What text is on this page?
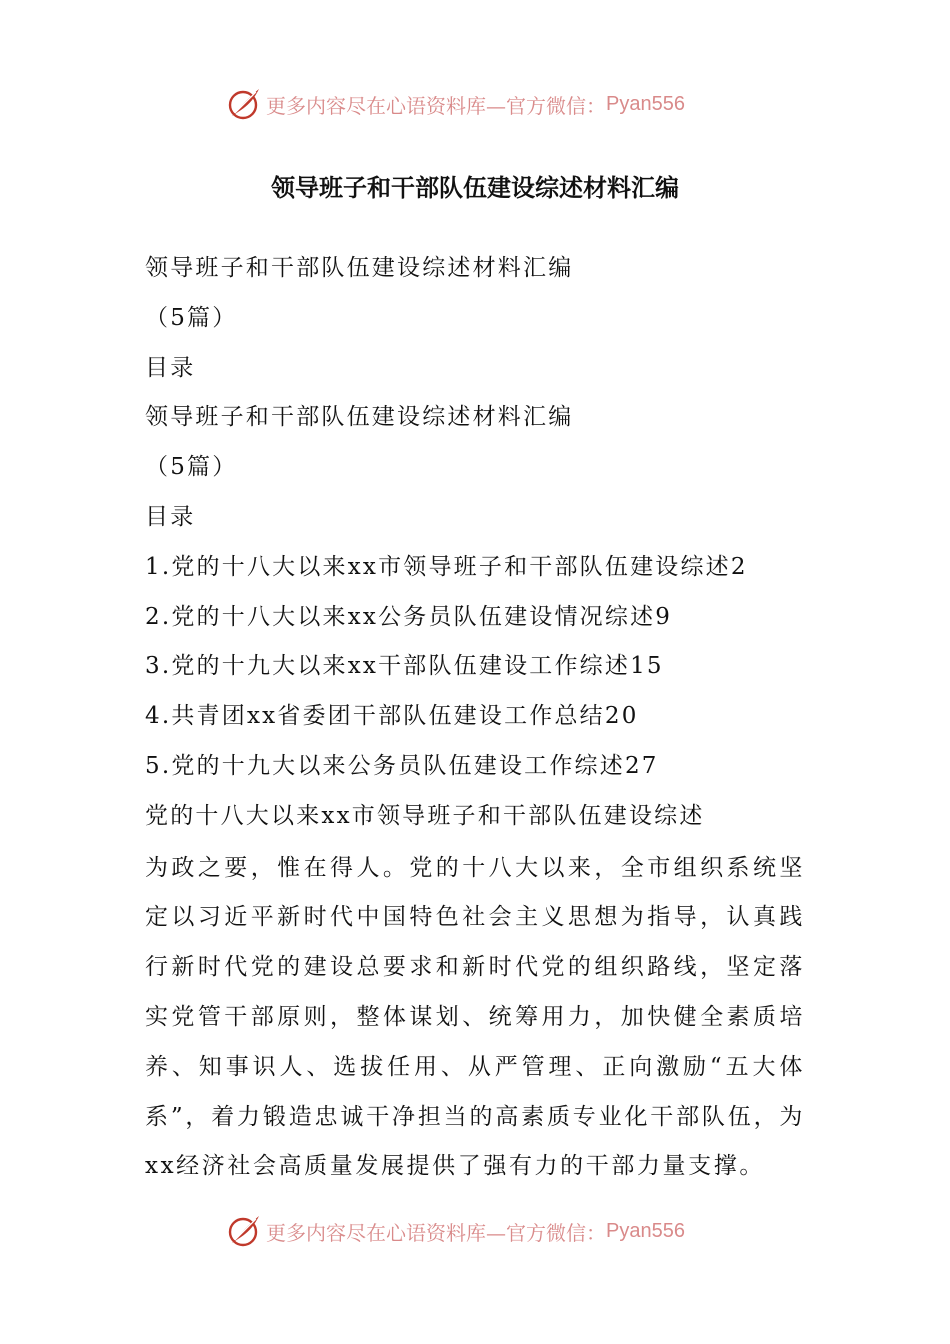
更多内容尽在心语资料库—官方微信： Pyan556
领导班子和干部队伍建设综述材料汇编
领导班子和干部队伍建设综述材料汇编
（5篇）
目录
领导班子和干部队伍建设综述材料汇编
（5篇）
目录
1.党的十八大以来xx市领导班子和干部队伍建设综述2
2.党的十八大以来xx公务员队伍建设情况综述9
3.党的十九大以来xx干部队伍建设工作综述15
4.共青团xx省委团干部队伍建设工作总结20
5.党的十九大以来公务员队伍建设工作综述27
党的十八大以来xx市领导班子和干部队伍建设综述
为政之要，惟在得人。党的十八大以来，全市组织系统坚定以习近平新时代中国特色社会主义思想为指导，认真践行新时代党的建设总要求和新时代党的组织路线，坚定落实党管干部原则，整体谋划、统筹用力，加快健全素质培养、知事识人、选拔任用、从严管理、正向激励“五大体系”，着力锻造忠诚干净担当的高素质专业化干部队伍，为xx经济社会高质量发展提供了强有力的干部力量支撑。
更多内容尽在心语资料库—官方微信： Pyan556
